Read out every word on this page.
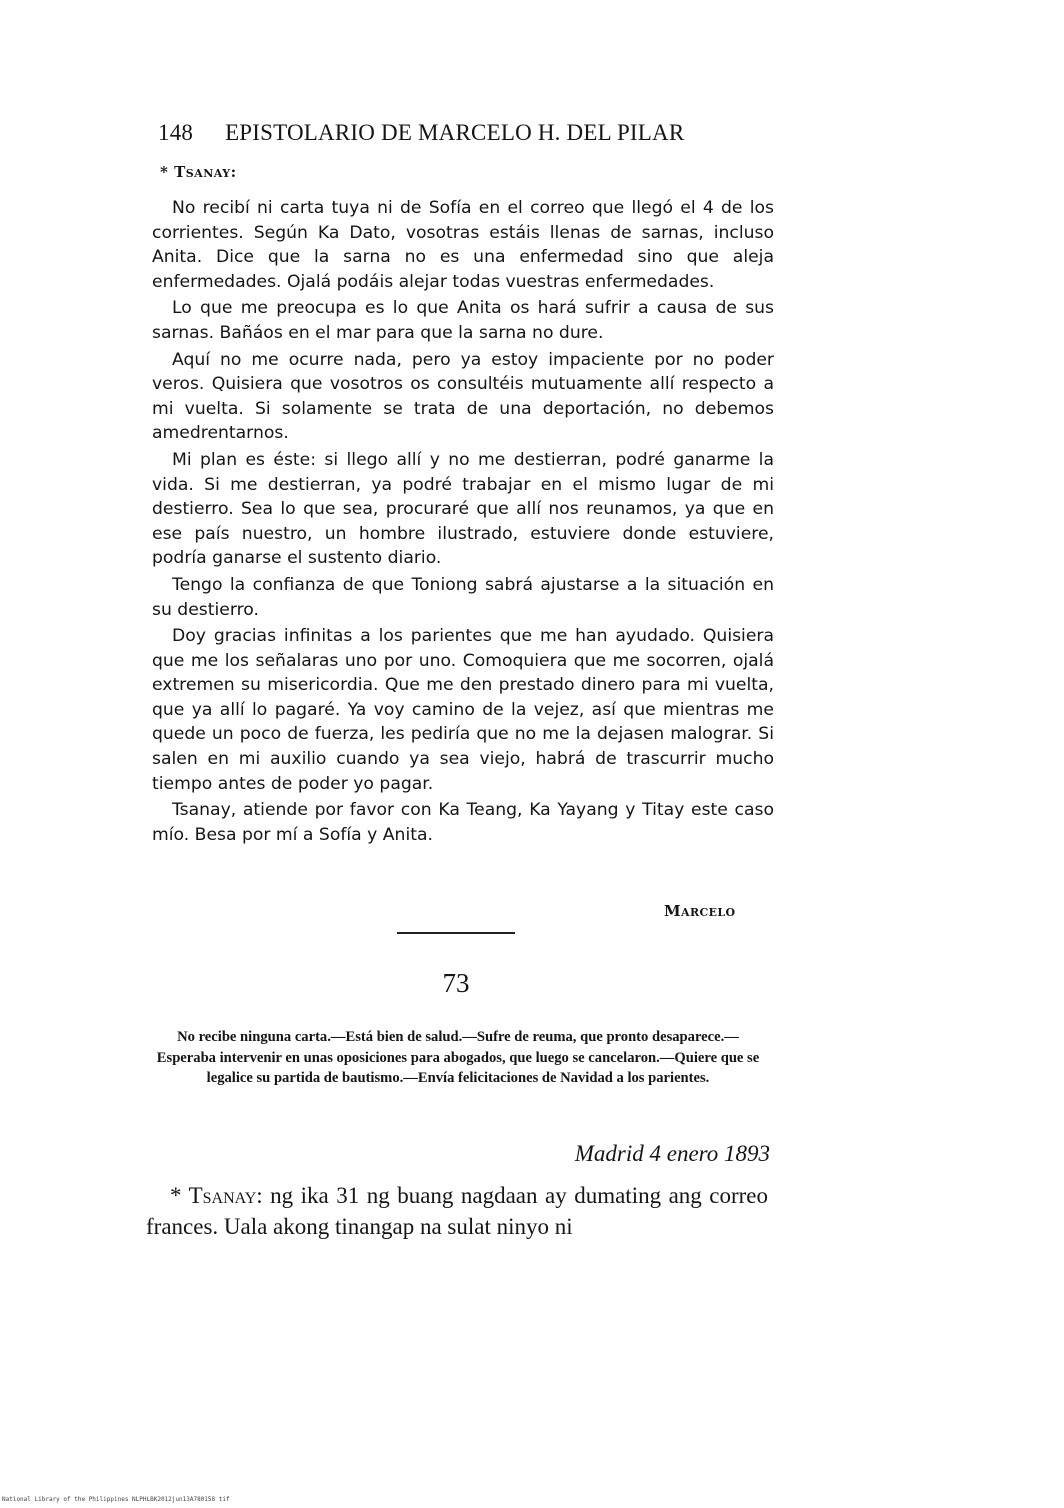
148 EPISTOLARIO DE MARCELO H. DEL PILAR
* Tsanay:

No recibí ni carta tuya ni de Sofía en el correo que llegó el 4 de los corrientes. Según Ka Dato, vosotras estáis llenas de sarnas, incluso Anita. Dice que la sarna no es una enfermedad sino que aleja enfermedades. Ojalá podáis alejar todas vuestras enfermedades.

Lo que me preocupa es lo que Anita os hará sufrir a causa de sus sarnas. Bañáos en el mar para que la sarna no dure.

Aquí no me ocurre nada, pero ya estoy impaciente por no poder veros. Quisiera que vosotros os consultéis mutuamente allí respecto a mi vuelta. Si solamente se trata de una deportación, no debemos amedrentarnos.

Mi plan es éste: si llego allí y no me destierran, podré ganarme la vida. Si me destierran, ya podré trabajar en el mismo lugar de mi destierro. Sea lo que sea, procuraré que allí nos reunamos, ya que en ese país nuestro, un hombre ilustrado, estuviere donde estuviere, podría ganarse el sustento diario.

Tengo la confianza de que Toniong sabrá ajustarse a la situación en su destierro.

Doy gracias infinitas a los parientes que me han ayudado. Quisiera que me los señalaras uno por uno. Comoquiera que me socorren, ojalá extremen su misericordia. Que me den prestado dinero para mi vuelta, que ya allí lo pagaré. Ya voy camino de la vejez, así que mientras me quede un poco de fuerza, les pediría que no me la dejasen malograr. Si salen en mi auxilio cuando ya sea viejo, habrá de trascurrir mucho tiempo antes de poder yo pagar.

Tsanay, atiende por favor con Ka Teang, Ka Yayang y Titay este caso mío. Besa por mí a Sofía y Anita.

Marcelo
73
No recibe ninguna carta.—Está bien de salud.—Sufre de reuma, que pronto desaparece.—Esperaba intervenir en unas oposiciones para abogados, que luego se cancelaron.—Quiere que se legalice su partida de bautismo.—Envía felicitaciones de Navidad a los parientes.
Madrid 4 enero 1893

* Tsanay: ng ika 31 ng buang nagdaan ay dumating ang correo frances. Uala akong tinangap na sulat ninyo ni

National Library of the Philippines NLPHLBK2012jun13A780158 tif
